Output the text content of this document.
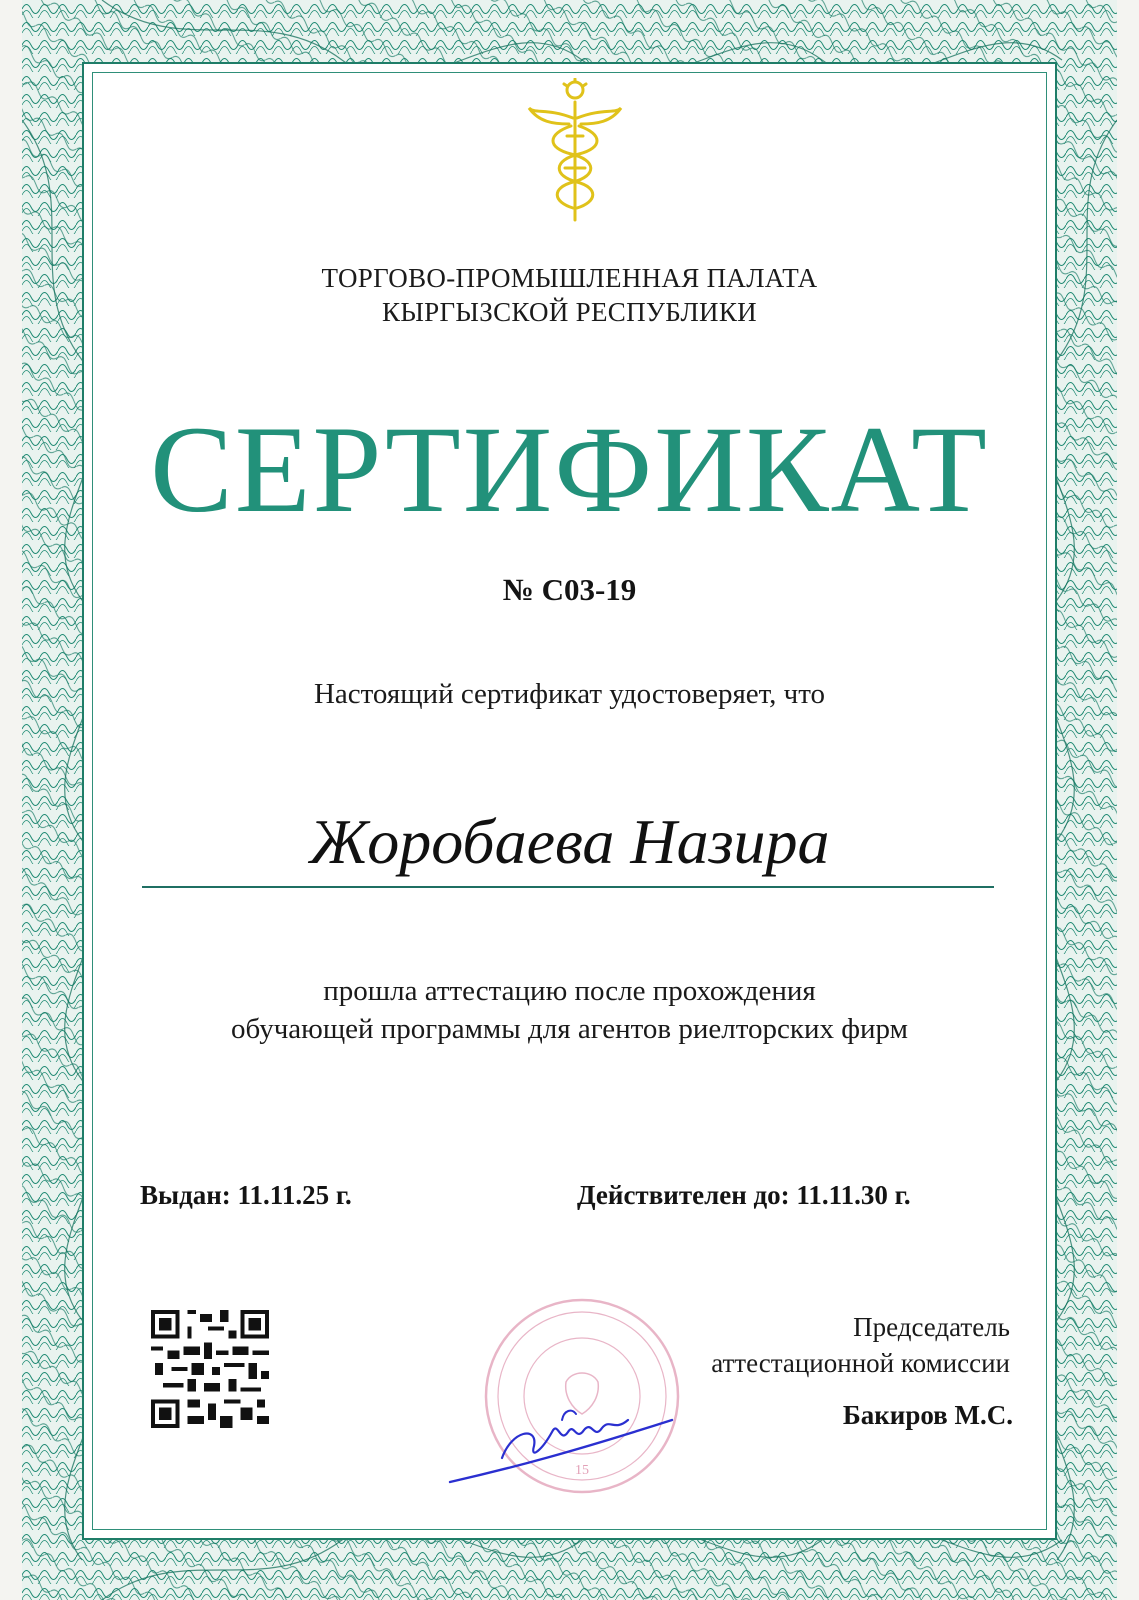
ТОРГОВО-ПРОМЫШЛЕННАЯ ПАЛАТА
КЫРГЫЗСКОЙ РЕСПУБЛИКИ
СЕРТИФИКАТ
№ С03-19
Настоящий сертификат удостоверяет, что
Жоробаева Назира
прошла аттестацию после прохождения
обучающей программы для агентов риелторских фирм
Выдан: 11.11.25 г.	Действителен до: 11.11.30 г.
15
Председатель
аттестационной комиссии
Бакиров М.С.
